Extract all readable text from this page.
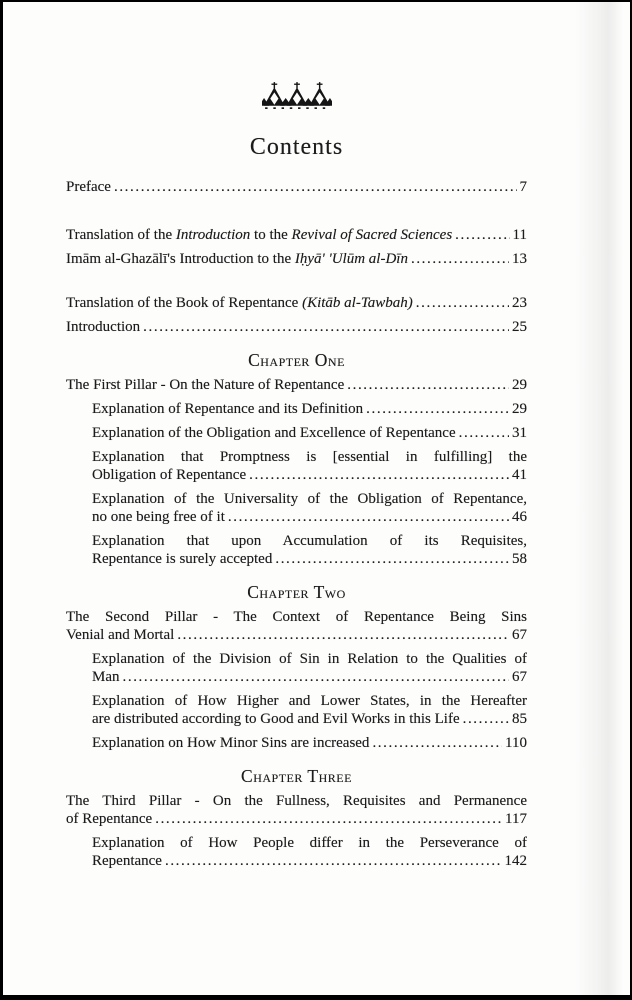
Contents
Preface .....	7
Translation of the Introduction to the Revival of Sacred Sciences .....	11
Imām al-Ghazālī's Introduction to the Iḥyā' 'Ulūm al-Dīn .....	13
Translation of the Book of Repentance (Kitāb al-Tawbah) .....	23
Introduction .....	25
Chapter One
The First Pillar - On the Nature of Repentance .....	29
Explanation of Repentance and its Definition .....	29
Explanation of the Obligation and Excellence of Repentance .....	31
Explanation that Promptness is [essential in fulfilling] the
Obligation of Repentance .....	41
Explanation of the Universality of the Obligation of Repentance,
no one being free of it .....	46
Explanation that upon Accumulation of its Requisites,
Repentance is surely accepted .....	58
Chapter Two
The Second Pillar - The Context of Repentance Being Sins
Venial and Mortal .....	67
Explanation of the Division of Sin in Relation to the Qualities of
Man .....	67
Explanation of How Higher and Lower States, in the Hereafter
are distributed according to Good and Evil Works in this Life .....	85
Explanation on How Minor Sins are increased .....	110
Chapter Three
The Third Pillar - On the Fullness, Requisites and Permanence
of Repentance .....	117
Explanation of How People differ in the Perseverance of
Repentance .....	142
